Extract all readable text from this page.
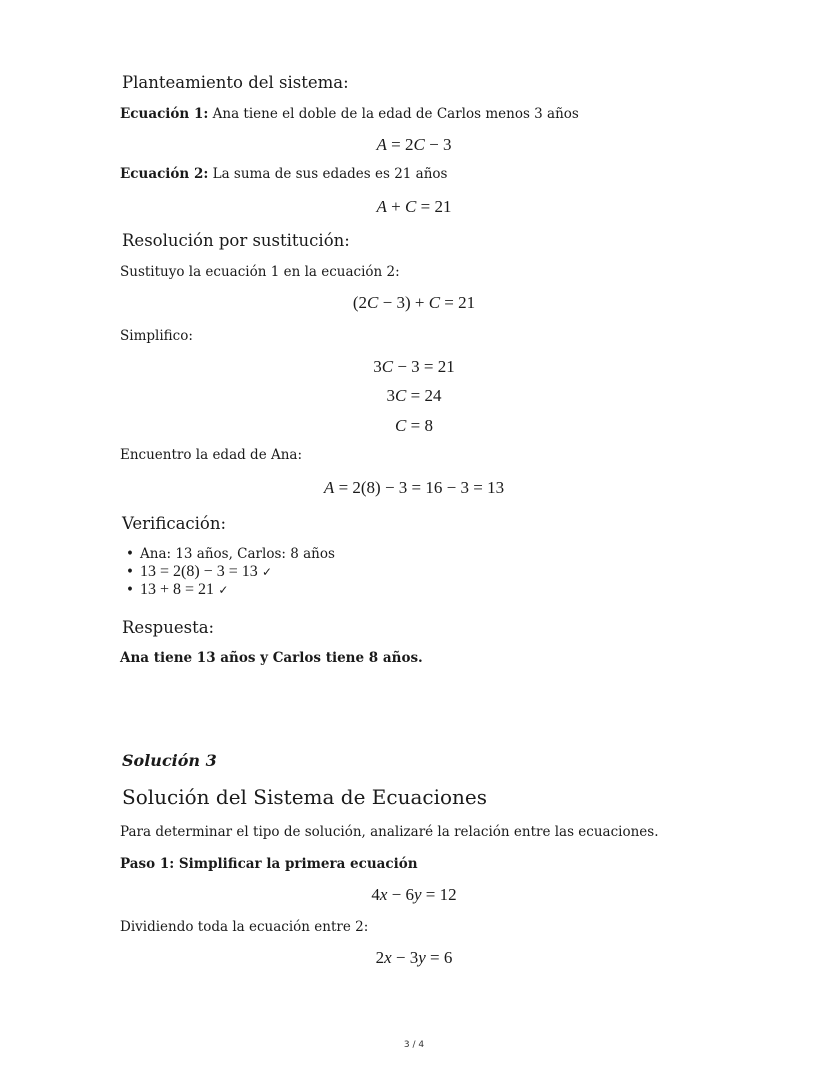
Planteamiento del sistema:

Ecuación 1: Ana tiene el doble de la edad de Carlos menos 3 años

A = 2C − 3

Ecuación 2: La suma de sus edades es 21 años

A + C = 21

Resolución por sustitución:

Sustituyo la ecuación 1 en la ecuación 2:

(2C − 3) + C = 21

Simplifico:

3C − 3 = 21

3C = 24

C = 8

Encuentro la edad de Ana:

A = 2(8) − 3 = 16 − 3 = 13

Verificación:
• Ana: 13 años, Carlos: 8 años
• 13 = 2(8) − 3 = 13 ✓
• 13 + 8 = 21 ✓
Respuesta:

Ana tiene 13 años y Carlos tiene 8 años.

Solución 3
Solución del Sistema de Ecuaciones

Para determinar el tipo de solución, analizaré la relación entre las ecuaciones.

Paso 1: Simplificar la primera ecuación

4x − 6y = 12

Dividiendo toda la ecuación entre 2:

2x − 3y = 6

3 / 4
